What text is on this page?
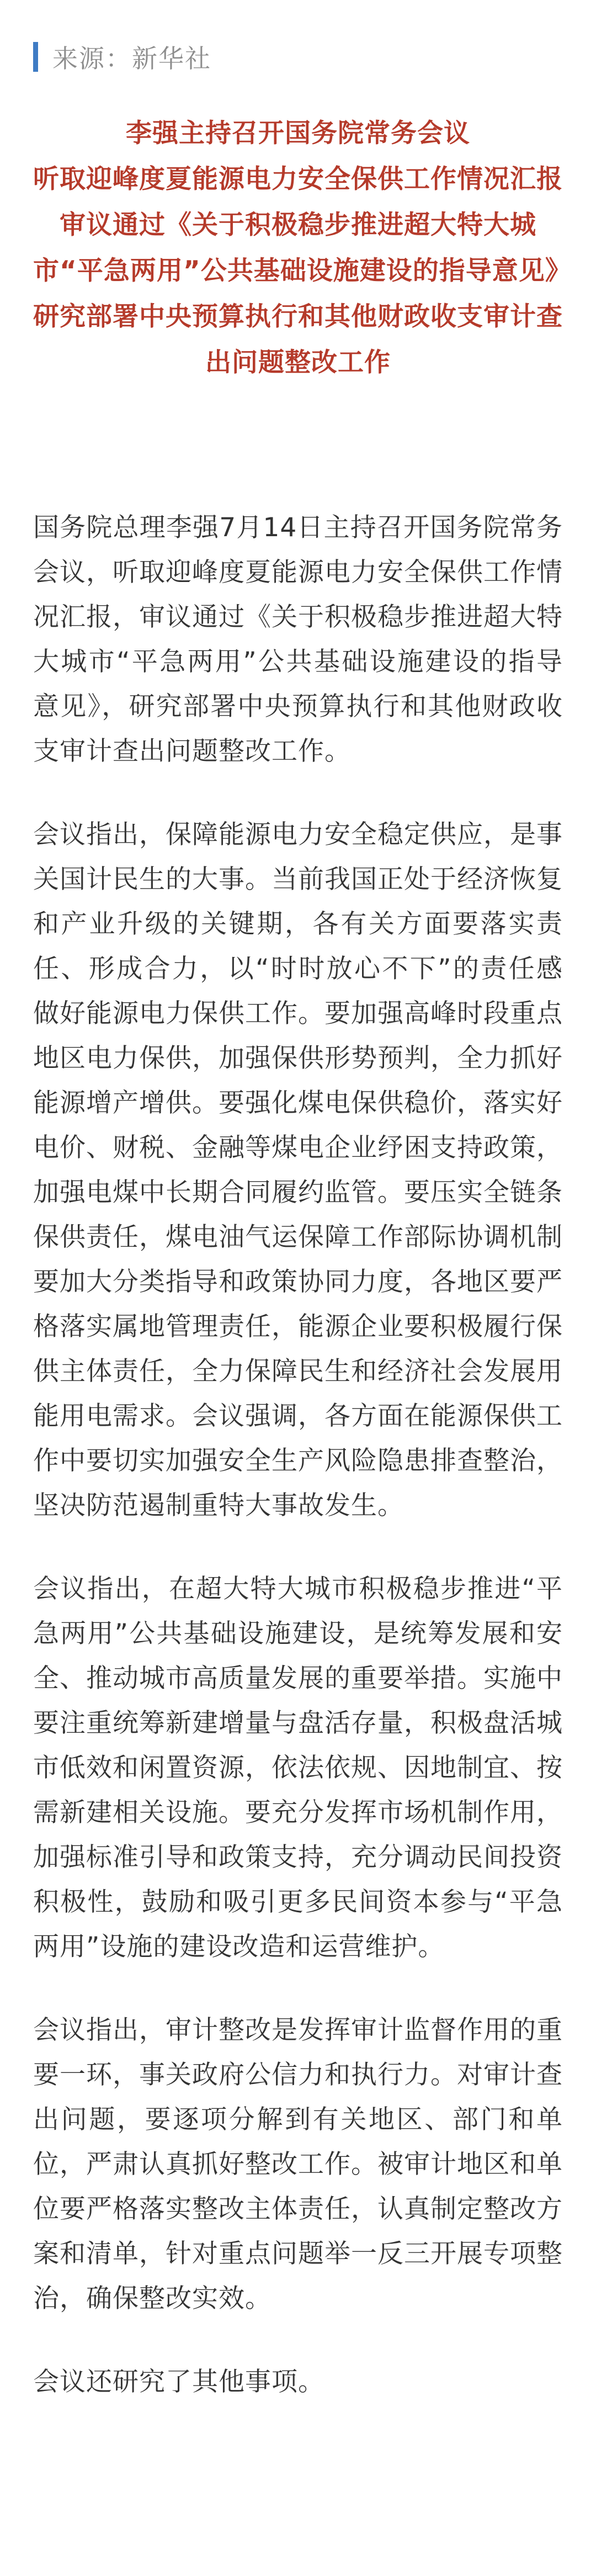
来源：新华社
李强主持召开国务院常务会议
听取迎峰度夏能源电力安全保供工作情况汇报
审议通过《关于积极稳步推进超大特大城市“平急两用”公共基础设施建设的指导意见》
研究部署中央预算执行和其他财政收支审计查出问题整改工作

国务院总理李强7月14日主持召开国务院常务会议，听取迎峰度夏能源电力安全保供工作情况汇报，审议通过《关于积极稳步推进超大特大城市“平急两用”公共基础设施建设的指导意见》，研究部署中央预算执行和其他财政收支审计查出问题整改工作。

会议指出，保障能源电力安全稳定供应，是事关国计民生的大事。当前我国正处于经济恢复和产业升级的关键期，各有关方面要落实责任、形成合力，以“时时放心不下”的责任感做好能源电力保供工作。要加强高峰时段重点地区电力保供，加强保供形势预判，全力抓好能源增产增供。要强化煤电保供稳价，落实好电价、财税、金融等煤电企业纾困支持政策，加强电煤中长期合同履约监管。要压实全链条保供责任，煤电油气运保障工作部际协调机制要加大分类指导和政策协同力度，各地区要严格落实属地管理责任，能源企业要积极履行保供主体责任，全力保障民生和经济社会发展用能用电需求。会议强调，各方面在能源保供工作中要切实加强安全生产风险隐患排查整治，坚决防范遏制重特大事故发生。

会议指出，在超大特大城市积极稳步推进“平急两用”公共基础设施建设，是统筹发展和安全、推动城市高质量发展的重要举措。实施中要注重统筹新建增量与盘活存量，积极盘活城市低效和闲置资源，依法依规、因地制宜、按需新建相关设施。要充分发挥市场机制作用，加强标准引导和政策支持，充分调动民间投资积极性，鼓励和吸引更多民间资本参与“平急两用”设施的建设改造和运营维护。

会议指出，审计整改是发挥审计监督作用的重要一环，事关政府公信力和执行力。对审计查出问题，要逐项分解到有关地区、部门和单位，严肃认真抓好整改工作。被审计地区和单位要严格落实整改主体责任，认真制定整改方案和清单，针对重点问题举一反三开展专项整治，确保整改实效。

会议还研究了其他事项。
